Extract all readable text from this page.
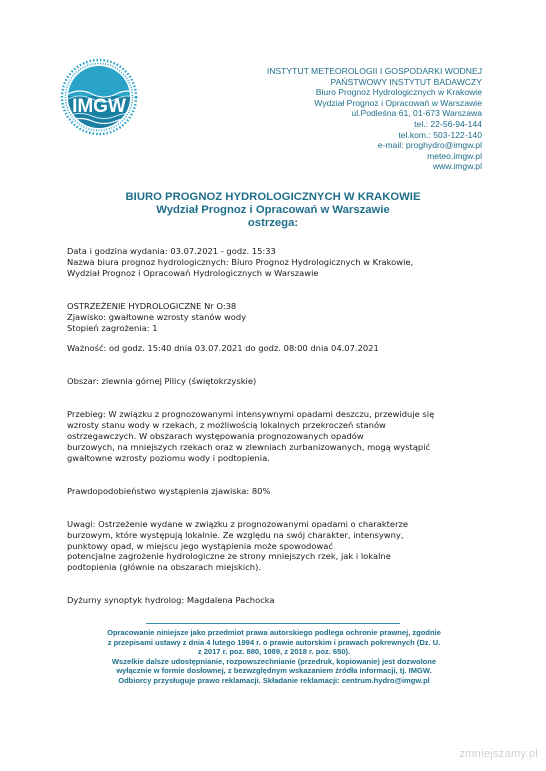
IMGW
INSTYTUT METEOROLOGII I GOSPODARKI WODNEJ
PAŃSTWOWY INSTYTUT BADAWCZY
Biuro Prognoz Hydrologicznych w Krakowie
Wydział Prognoz i Opracowań w Warszawie
ul.Podleśna 61, 01-673 Warszawa
tel.: 22-56-94-144
tel.kom.: 503-122-140
e-mail: proghydro@imgw.pl
meteo.imgw.pl
www.imgw.pl
BIURO PROGNOZ HYDROLOGICZNYCH W KRAKOWIE
Wydział Prognoz i Opracowań w Warszawie
ostrzega:

Data i godzina wydania: 03.07.2021 - godz. 15:33

Nazwa biura prognoz hydrologicznych: Biuro Prognoz Hydrologicznych w Krakowie,

Wydział Prognoz i Opracowań Hydrologicznych w Warszawie

OSTRZEŻENIE HYDROLOGICZNE Nr O:38

Zjawisko: gwałtowne wzrosty stanów wody

Stopień zagrożenia: 1

Ważność: od godz. 15:40 dnia 03.07.2021 do godz. 08:00 dnia 04.07.2021

Obszar: zlewnia górnej Pilicy (świętokrzyskie)

Przebieg: W związku z prognozowanymi intensywnymi opadami deszczu, przewiduje się

wzrosty stanu wody w rzekach, z możliwością lokalnych przekroczeń stanów

ostrzegawczych. W obszarach występowania prognozowanych opadów

burzowych, na mniejszych rzekach oraz w zlewniach zurbanizowanych, mogą wystąpić

gwałtowne wzrosty poziomu wody i podtopienia.

Prawdopodobieństwo wystąpienia zjawiska: 80%

Uwagi: Ostrzeżenie wydane w związku z prognozowanymi opadami o charakterze

burzowym, które występują lokalnie. Ze względu na swój charakter, intensywny,

punktowy opad, w miejscu jego wystąpienia może spowodować

potencjalne zagrożenie hydrologiczne ze strony mniejszych rzek, jak i lokalne

podtopienia (głównie na obszarach miejskich).

Dyżurny synoptyk hydrolog: Magdalena Pachocka

Opracowanie niniejsze jako przedmiot prawa autorskiego podlega ochronie prawnej, zgodnie

z przepisami ustawy z dnia 4 lutego 1994 r. o prawie autorskim i prawach pokrewnych (Dz. U.

z 2017 r. poz. 880, 1089, z 2018 r. poz. 650).

Wszelkie dalsze udostępnianie, rozpowszechnianie (przedruk, kopiowanie) jest dozwolone

wyłącznie w formie dosłownej, z bezwzględnym wskazaniem źródła informacji, tj. IMGW.

Odbiorcy przysługuje prawo reklamacji. Składanie reklamacji: centrum.hydro@imgw.pl

zmniejszamy.pl
